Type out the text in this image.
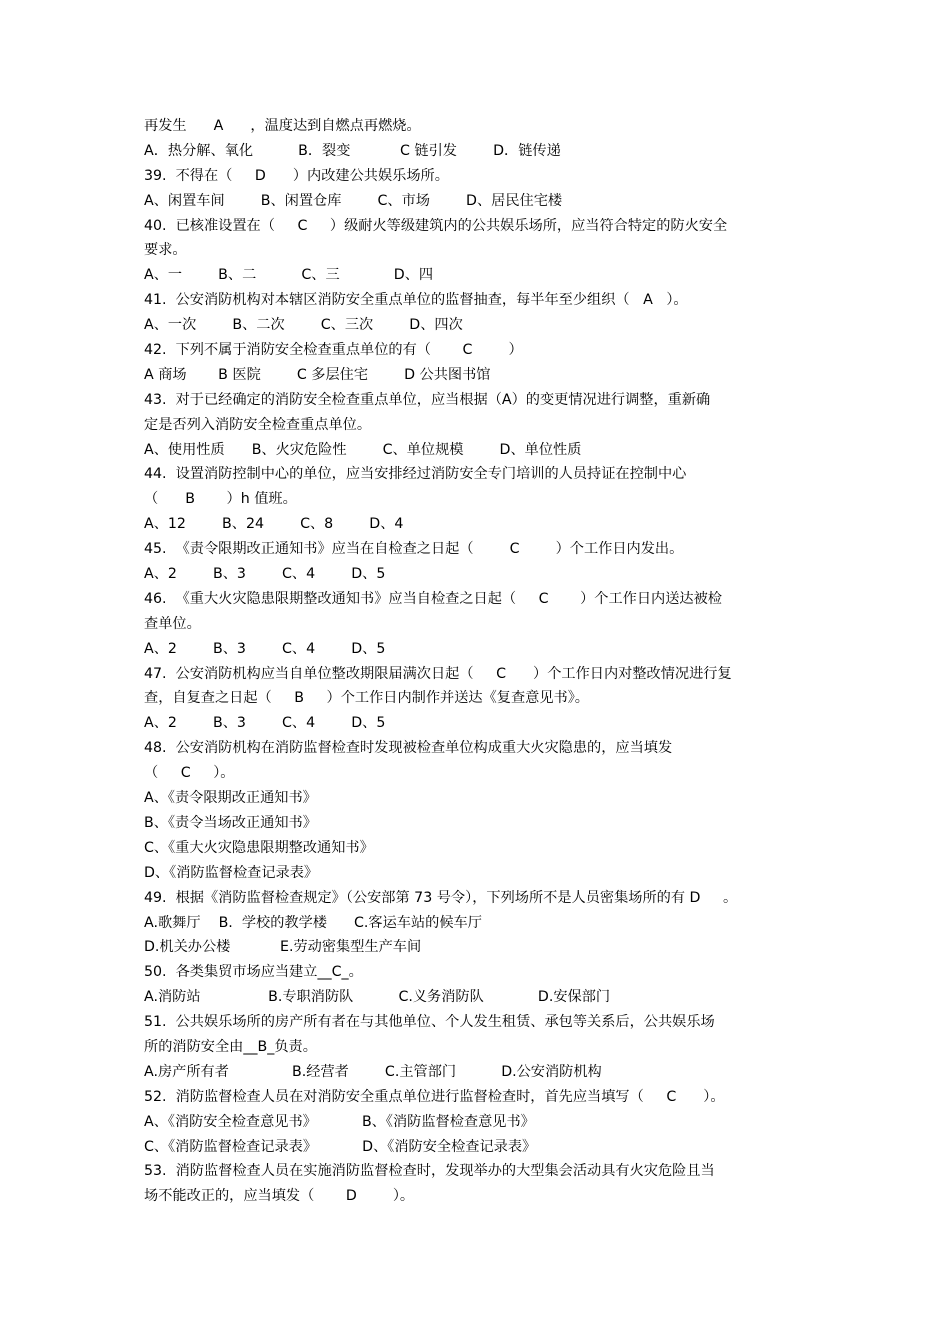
再发生      A      ，温度达到自燃点再燃烧。
A．热分解、氧化          B．裂变           C 链引发        D．链传递
39.  不得在（     D      ）内改建公共娱乐场所。
A、闲置车间        B、闲置仓库        C、市场        D、居民住宅楼
40.  已核准设置在（     C     ）级耐火等级建筑内的公共娱乐场所，应当符合特定的防火安全
要求。
A、一        B、二          C、三            D、四
41.  公安消防机构对本辖区消防安全重点单位的监督抽查，每半年至少组织（   A   ）。
A、一次        B、二次        C、三次        D、四次
42.  下列不属于消防安全检查重点单位的有（       C        ）
A 商场       B 医院        C 多层住宅        D 公共图书馆
43.  对于已经确定的消防安全检查重点单位，应当根据（A）的变更情况进行调整，重新确
定是否列入消防安全检查重点单位。
A、使用性质      B、火灾危险性        C、单位规模        D、单位性质
44.  设置消防控制中心的单位，应当安排经过消防安全专门培训的人员持证在控制中心
（      B       ）h 值班。
A、12        B、24        C、8        D、4
45.  《责令限期改正通知书》应当在自检查之日起（        C        ）个工作日内发出。
A、2        B、3        C、4        D、5
46.  《重大火灾隐患限期整改通知书》应当自检查之日起（     C       ）个工作日内送达被检
查单位。
A、2        B、3        C、4        D、5
47.  公安消防机构应当自单位整改期限届满次日起（     C      ）个工作日内对整改情况进行复
查，自复查之日起（     B     ）个工作日内制作并送达《复查意见书》。
A、2        B、3        C、4        D、5
48.  公安消防机构在消防监督检查时发现被检查单位构成重大火灾隐患的，应当填发
（     C     ）。
A、《责令限期改正通知书》
B、《责令当场改正通知书》
C、《重大火灾隐患限期整改通知书》
D、《消防监督检查记录表》
49.  根据《消防监督检查规定》（公安部第 73 号令），下列场所不是人员密集场所的有 D     。
A.歌舞厅    B.  学校的教学楼      C.客运车站的候车厅
D.机关办公楼           E.劳动密集型生产车间
50.  各类集贸市场应当建立__C_。
A.消防站               B.专职消防队          C.义务消防队            D.安保部门
51.  公共娱乐场所的房产所有者在与其他单位、个人发生租赁、承包等关系后，公共娱乐场
所的消防安全由__B_负责。
A.房产所有者              B.经营者        C.主管部门          D.公安消防机构
52.  消防监督检查人员在对消防安全重点单位进行监督检查时，首先应当填写（     C      ）。
A、《消防安全检查意见书》          B、《消防监督检查意见书》
C、《消防监督检查记录表》          D、《消防安全检查记录表》
53.  消防监督检查人员在实施消防监督检查时，发现举办的大型集会活动具有火灾危险且当
场不能改正的，应当填发（       D        ）。
